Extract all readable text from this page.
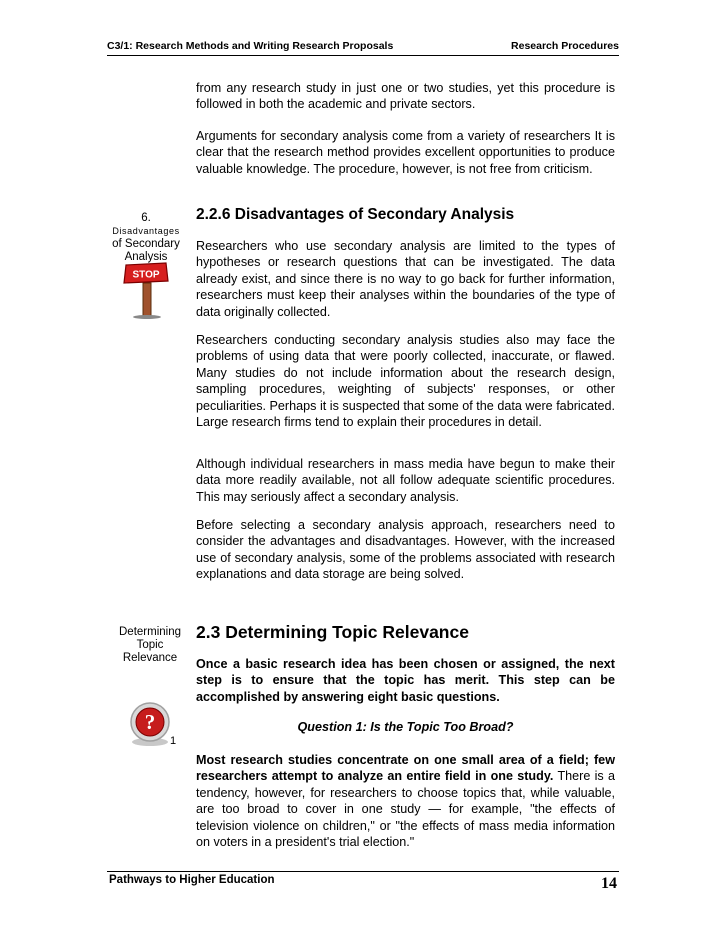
C3/1: Research Methods and Writing Research Proposals	Research Procedures

from any research study in just one or two studies, yet this procedure is followed in both the academic and private sectors.

Arguments for secondary analysis come from a variety of researchers It is clear that the research method provides excellent opportunities to produce valuable knowledge. The procedure, however, is not free from criticism.

2.2.6 Disadvantages of Secondary Analysis
6.
Disadvantages
of Secondary
Analysis
STOP

Researchers who use secondary analysis are limited to the types of hypotheses or research questions that can be investigated. The data already exist, and since there is no way to go back for further information, researchers must keep their analyses within the boundaries of the type of data originally collected.

Researchers conducting secondary analysis studies also may face the problems of using data that were poorly collected, inaccurate, or flawed. Many studies do not include information about the research design, sampling procedures, weighting of subjects' responses, or other peculiarities. Perhaps it is suspected that some of the data were fabricated. Large research firms tend to explain their procedures in detail.

Although individual researchers in mass media have begun to make their data more readily available, not all follow adequate scientific procedures. This may seriously affect a secondary analysis.

Before selecting a secondary analysis approach, researchers need to consider the advantages and disadvantages. However, with the increased use of secondary analysis, some of the problems associated with research explanations and data storage are being solved.

2.3 Determining Topic Relevance
Determining
Topic
Relevance	Once a basic research idea has been chosen or assigned, the next step is to ensure that the topic has merit. This step can be accomplished by answering eight basic questions.

?
1

Question 1: Is the Topic Too Broad?

Most research studies concentrate on one small area of a field; few researchers attempt to analyze an entire field in one study. There is a tendency, however, for researchers to choose topics that, while valuable, are too broad to cover in one study — for example, "the effects of television violence on children," or "the effects of mass media information on voters in a president's trial election."

Pathways to Higher Education	14
